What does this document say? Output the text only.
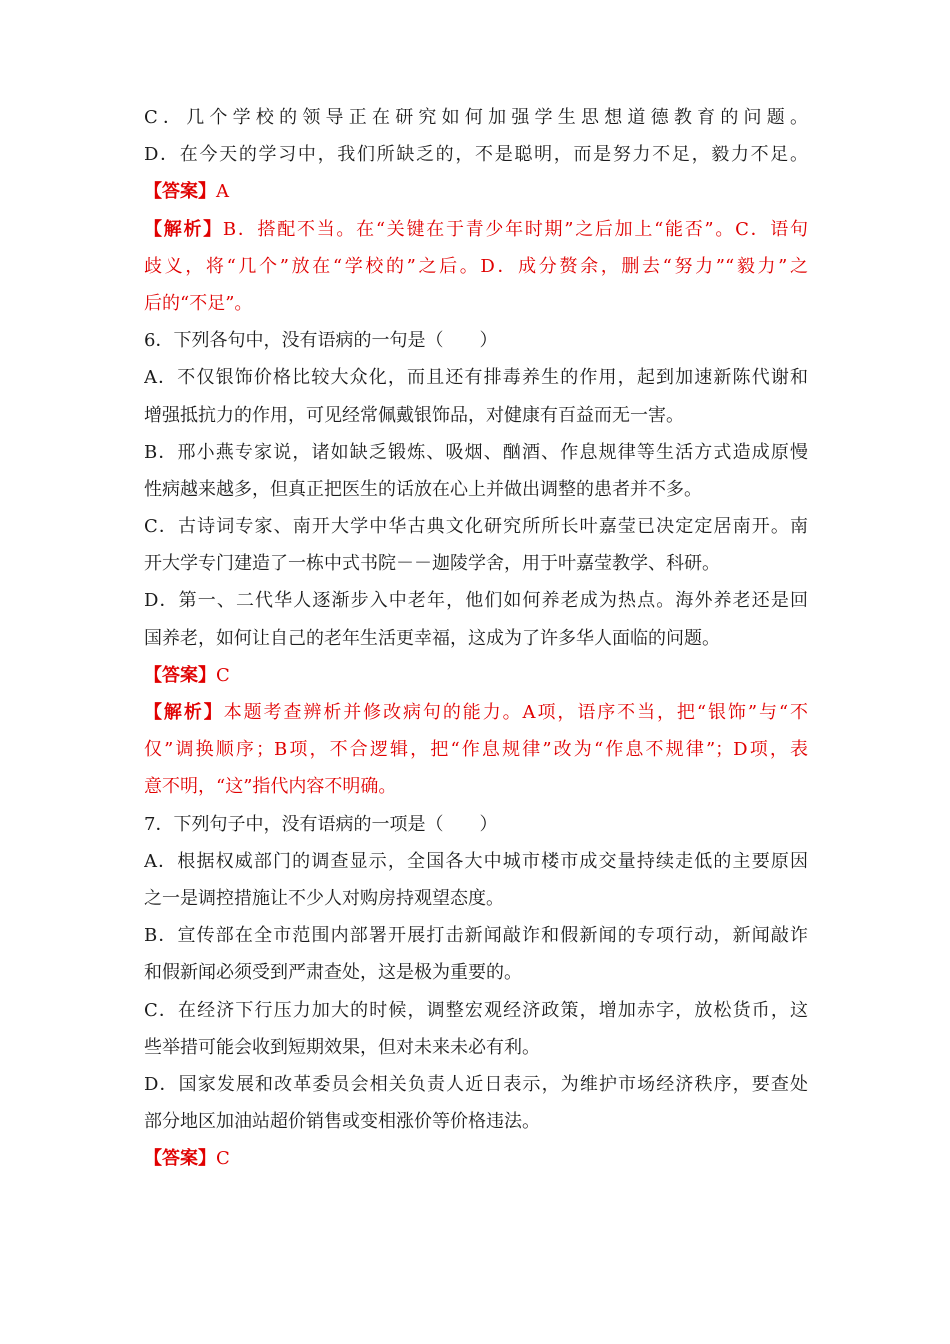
C．几个学校的领导正在研究如何加强学生思想道德教育的问题。
D．在今天的学习中，我们所缺乏的，不是聪明，而是努力不足，毅力不足。
【答案】A
【解析】B．搭配不当。在“关键在于青少年时期”之后加上“能否”。C．语句
歧义，将“几个”放在“学校的”之后。D．成分赘余，删去“努力”“毅力”之
后的“不足”。
6．下列各句中，没有语病的一句是（　　）
A．不仅银饰价格比较大众化，而且还有排毒养生的作用，起到加速新陈代谢和
增强抵抗力的作用，可见经常佩戴银饰品，对健康有百益而无一害。
B．邢小燕专家说，诸如缺乏锻炼、吸烟、酗酒、作息规律等生活方式造成原慢
性病越来越多，但真正把医生的话放在心上并做出调整的患者并不多。
C．古诗词专家、南开大学中华古典文化研究所所长叶嘉莹已决定定居南开。南
开大学专门建造了一栋中式书院－－迦陵学舍，用于叶嘉莹教学、科研。
D．第一、二代华人逐渐步入中老年，他们如何养老成为热点。海外养老还是回
国养老，如何让自己的老年生活更幸福，这成为了许多华人面临的问题。
【答案】C
【解析】本题考查辨析并修改病句的能力。A项，语序不当，把“银饰”与“不
仅”调换顺序；B项，不合逻辑，把“作息规律”改为“作息不规律”；D项，表
意不明，“这”指代内容不明确。
7．下列句子中，没有语病的一项是（　　）
A．根据权威部门的调查显示，全国各大中城市楼市成交量持续走低的主要原因
之一是调控措施让不少人对购房持观望态度。
B．宣传部在全市范围内部署开展打击新闻敲诈和假新闻的专项行动，新闻敲诈
和假新闻必须受到严肃查处，这是极为重要的。
C．在经济下行压力加大的时候，调整宏观经济政策，增加赤字，放松货币，这
些举措可能会收到短期效果，但对未来未必有利。
D．国家发展和改革委员会相关负责人近日表示，为维护市场经济秩序，要查处
部分地区加油站超价销售或变相涨价等价格违法。
【答案】C
